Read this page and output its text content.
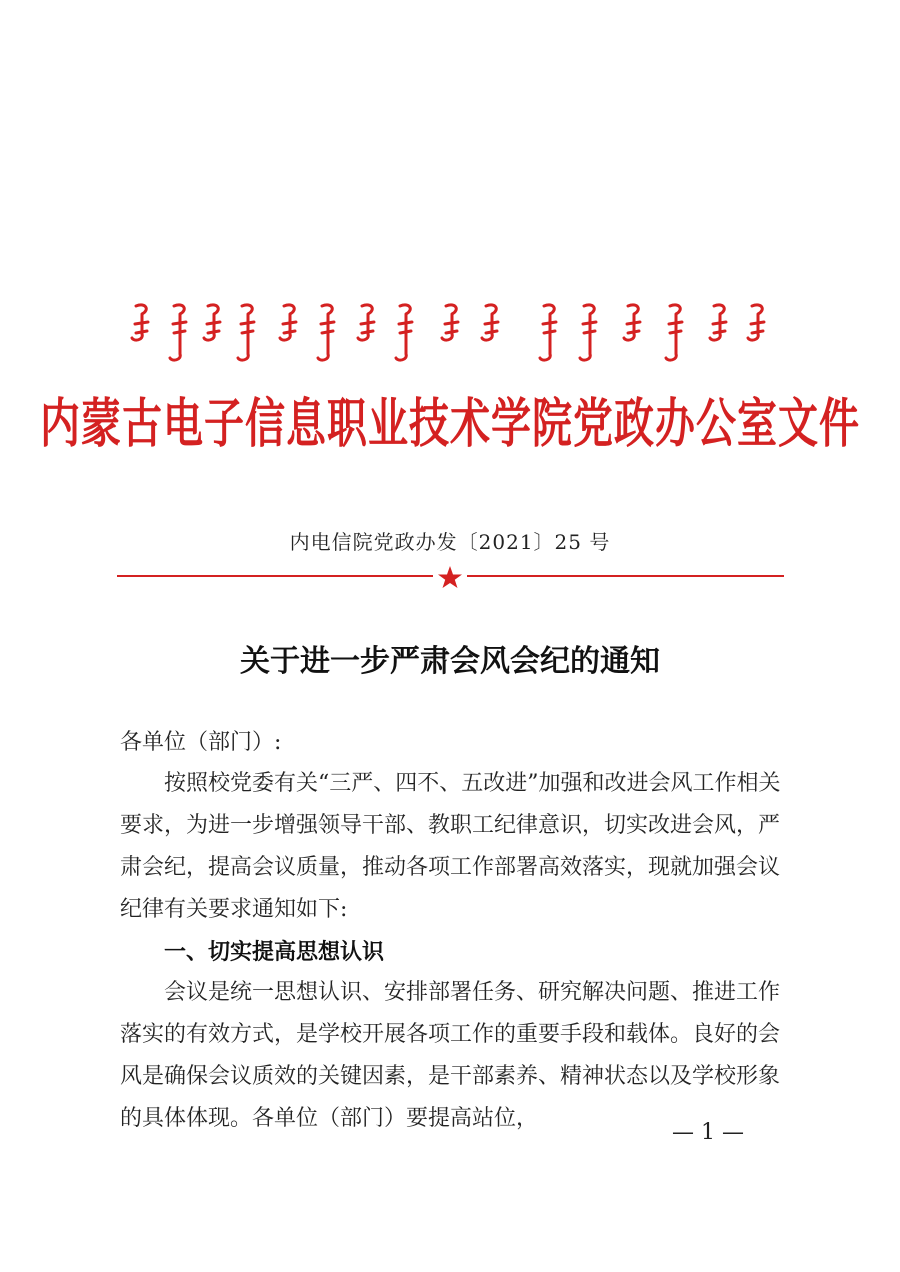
内蒙古电子信息职业技术学院党政办公室文件
内电信院党政办发〔2021〕25 号
关于进一步严肃会风会纪的通知
各单位（部门）:

按照校党委有关“三严、四不、五改进”加强和改进会风工作相关要求，为进一步增强领导干部、教职工纪律意识，切实改进会风，严肃会纪，提高会议质量，推动各项工作部署高效落实，现就加强会议纪律有关要求通知如下:

一、切实提高思想认识

会议是统一思想认识、安排部署任务、研究解决问题、推进工作落实的有效方式，是学校开展各项工作的重要手段和载体。良好的会风是确保会议质效的关键因素，是干部素养、精神状态以及学校形象的具体体现。各单位（部门）要提高站位，

— 1 —
